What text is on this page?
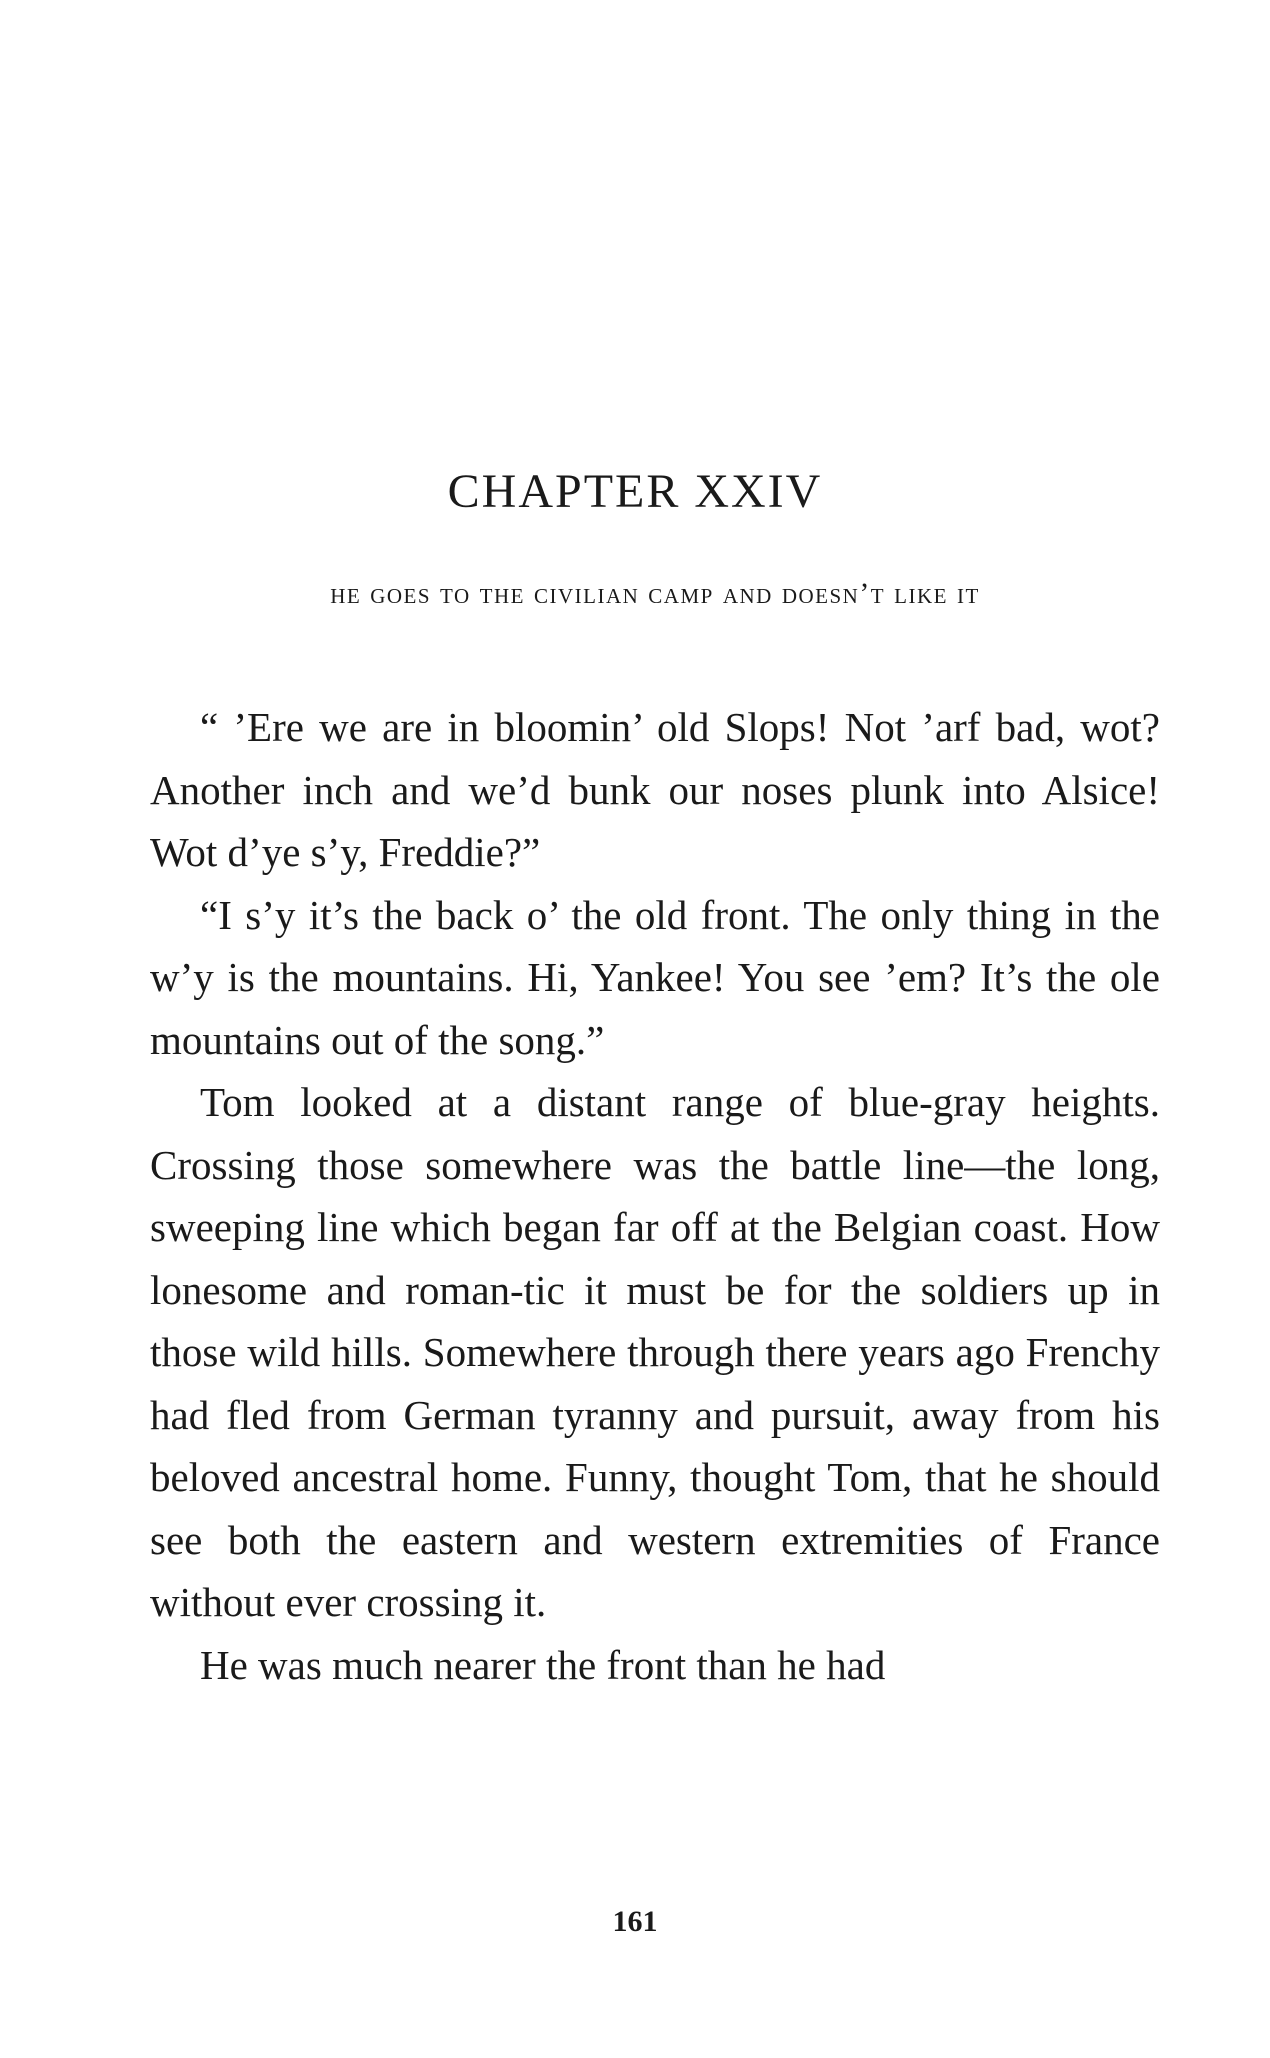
CHAPTER XXIV

he goes to the civilian camp and doesn’t like it

“ ’Ere we are in bloomin’ old Slops! Not ’arf bad, wot? Another inch and we’d bunk our noses plunk into Alsice! Wot d’ye s’y, Freddie?”

“I s’y it’s the back o’ the old front. The only thing in the w’y is the mountains. Hi, Yankee! You see ’em? It’s the ole mountains out of the song.”

Tom looked at a distant range of blue-gray heights. Crossing those somewhere was the battle line—the long, sweeping line which began far off at the Belgian coast. How lonesome and roman-tic it must be for the soldiers up in those wild hills. Somewhere through there years ago Frenchy had fled from German tyranny and pursuit, away from his beloved ancestral home. Funny, thought Tom, that he should see both the eastern and western extremities of France without ever crossing it.

He was much nearer the front than he had

161
